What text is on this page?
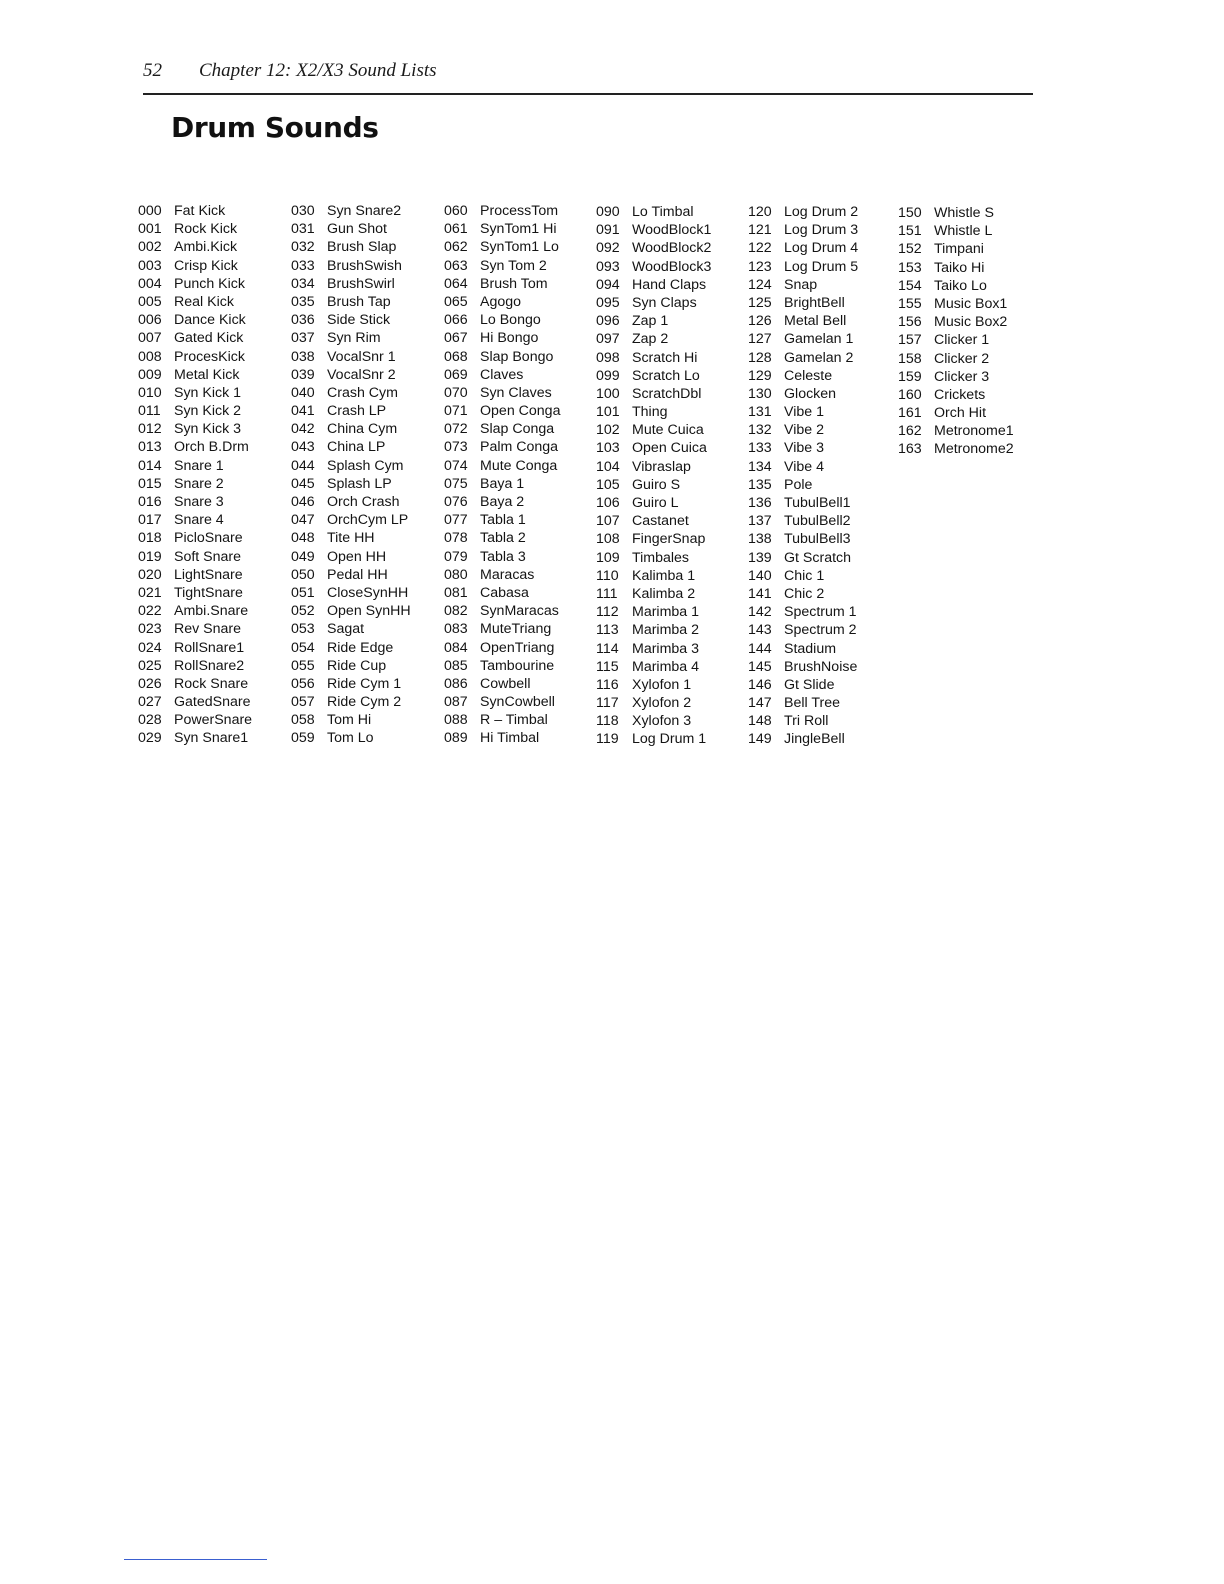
52 Chapter 12: X2/X3 Sound Lists
Drum Sounds
000 Fat Kick
001 Rock Kick
002 Ambi.Kick
003 Crisp Kick
004 Punch Kick
005 Real Kick
006 Dance Kick
007 Gated Kick
008 ProcesKick
009 Metal Kick
010 Syn Kick 1
011 Syn Kick 2
012 Syn Kick 3
013 Orch B.Drm
014 Snare 1
015 Snare 2
016 Snare 3
017 Snare 4
018 PicloSnare
019 Soft Snare
020 LightSnare
021 TightSnare
022 Ambi.Snare
023 Rev Snare
024 RollSnare1
025 RollSnare2
026 Rock Snare
027 GatedSnare
028 PowerSnare
029 Syn Snare1
030 Syn Snare2
031 Gun Shot
032 Brush Slap
033 BrushSwish
034 BrushSwirl
035 Brush Tap
036 Side Stick
037 Syn Rim
038 VocalSnr 1
039 VocalSnr 2
040 Crash Cym
041 Crash LP
042 China Cym
043 China LP
044 Splash Cym
045 Splash LP
046 Orch Crash
047 OrchCym LP
048 Tite HH
049 Open HH
050 Pedal HH
051 CloseSynHH
052 Open SynHH
053 Sagat
054 Ride Edge
055 Ride Cup
056 Ride Cym 1
057 Ride Cym 2
058 Tom Hi
059 Tom Lo
060 ProcessTom
061 SynTom1 Hi
062 SynTom1 Lo
063 Syn Tom 2
064 Brush Tom
065 Agogo
066 Lo Bongo
067 Hi Bongo
068 Slap Bongo
069 Claves
070 Syn Claves
071 Open Conga
072 Slap Conga
073 Palm Conga
074 Mute Conga
075 Baya 1
076 Baya 2
077 Tabla 1
078 Tabla 2
079 Tabla 3
080 Maracas
081 Cabasa
082 SynMaracas
083 MuteTriang
084 OpenTriang
085 Tambourine
086 Cowbell
087 SynCowbell
088 R – Timbal
089 Hi Timbal
090 Lo Timbal
091 WoodBlock1
092 WoodBlock2
093 WoodBlock3
094 Hand Claps
095 Syn Claps
096 Zap 1
097 Zap 2
098 Scratch Hi
099 Scratch Lo
100 ScratchDbl
101 Thing
102 Mute Cuica
103 Open Cuica
104 Vibraslap
105 Guiro S
106 Guiro L
107 Castanet
108 FingerSnap
109 Timbales
110 Kalimba 1
111	Kalimba 2
112 Marimba 1
113 Marimba 2
114 Marimba 3
115 Marimba 4
116 Xylofon 1
117 Xylofon 2
118 Xylofon 3
119 Log Drum 1
120 Log Drum 2
121 Log Drum 3
122 Log Drum 4
123 Log Drum 5
124 Snap
125 BrightBell
126 Metal Bell
127 Gamelan 1
128 Gamelan 2
129 Celeste
130 Glocken
131 Vibe 1
132 Vibe 2
133 Vibe 3
134 Vibe 4
135 Pole
136 TubulBell1
137 TubulBell2
138 TubulBell3
139 Gt Scratch
140 Chic 1
141 Chic 2
142 Spectrum 1
143 Spectrum 2
144 Stadium
145 BrushNoise
146 Gt Slide
147 Bell Tree
148 Tri Roll
149 JingleBell
150 Whistle S
151 Whistle L
152 Timpani
153 Taiko Hi
154 Taiko Lo
155 Music Box1
156 Music Box2
157 Clicker 1
158 Clicker 2
159 Clicker 3
160 Crickets
161 Orch Hit
162 Metronome1
163 Metronome2
